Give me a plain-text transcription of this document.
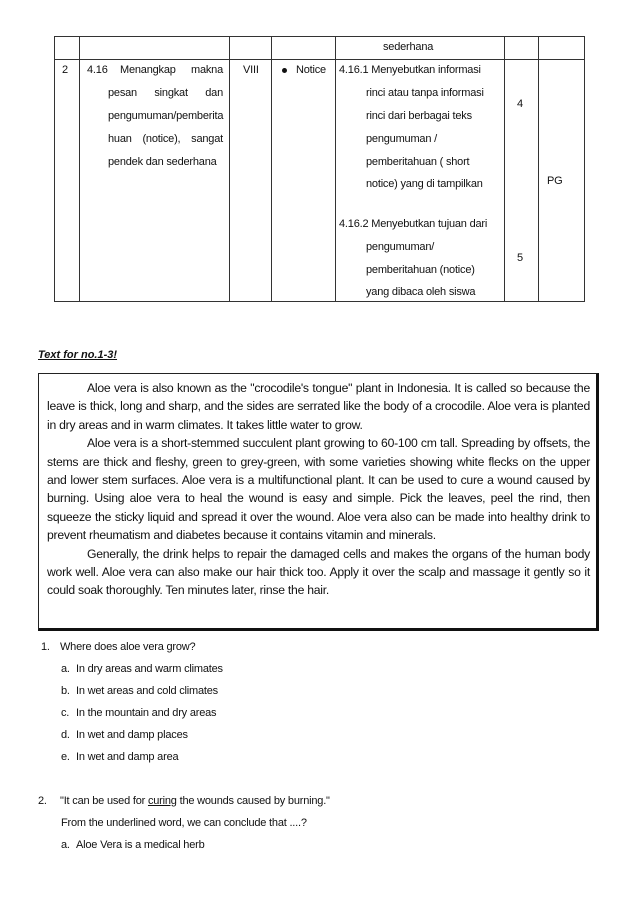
sederhana
2 4.16 Menangkap makna
pesan singkat dan
pengumuman/pemberita
huan (notice), sangat
pendek dan sederhana
VIII	Notice 4.16.1 Menyebutkan informasi
rinci atau tanpa informasi
rinci dari berbagai teks
pengumuman /
pemberitahuan ( short
notice) yang di tampilkan
4.16.2 Menyebutkan tujuan dari
pengumuman/
pemberitahuan (notice)
yang dibaca oleh siswa
4
5
PG
Text for no.1-3!

Aloe vera is also known as the "crocodile's tongue" plant in Indonesia. It is called so because the leave is thick, long and sharp, and the sides are serrated like the body of a crocodile. Aloe vera is planted in dry areas and in warm climates. It takes little water to grow.

Aloe vera is a short-stemmed succulent plant growing to 60-100 cm tall. Spreading by offsets, the stems are thick and fleshy, green to grey-green, with some varieties showing white flecks on the upper and lower stem surfaces. Aloe vera is a multifunctional plant. It can be used to cure a wound caused by burning. Using aloe vera to heal the wound is easy and simple. Pick the leaves, peel the rind, then squeeze the sticky liquid and spread it over the wound. Aloe vera also can be made into healthy drink to prevent rheumatism and diabetes because it contains vitamin and minerals.

Generally, the drink helps to repair the damaged cells and makes the organs of the human body work well. Aloe vera can also make our hair thick too. Apply it over the scalp and massage it gently so it could soak thoroughly. Ten minutes later, rinse the hair.

1. Where does aloe vera grow?
a. In dry areas and warm climates
b. In wet areas and cold climates
c. In the mountain and dry areas
d. In wet and damp places
e. In wet and damp area
2. "It can be used for curing the wounds caused by burning."
From the underlined word, we can conclude that ....?
a. Aloe Vera is a medical herb
